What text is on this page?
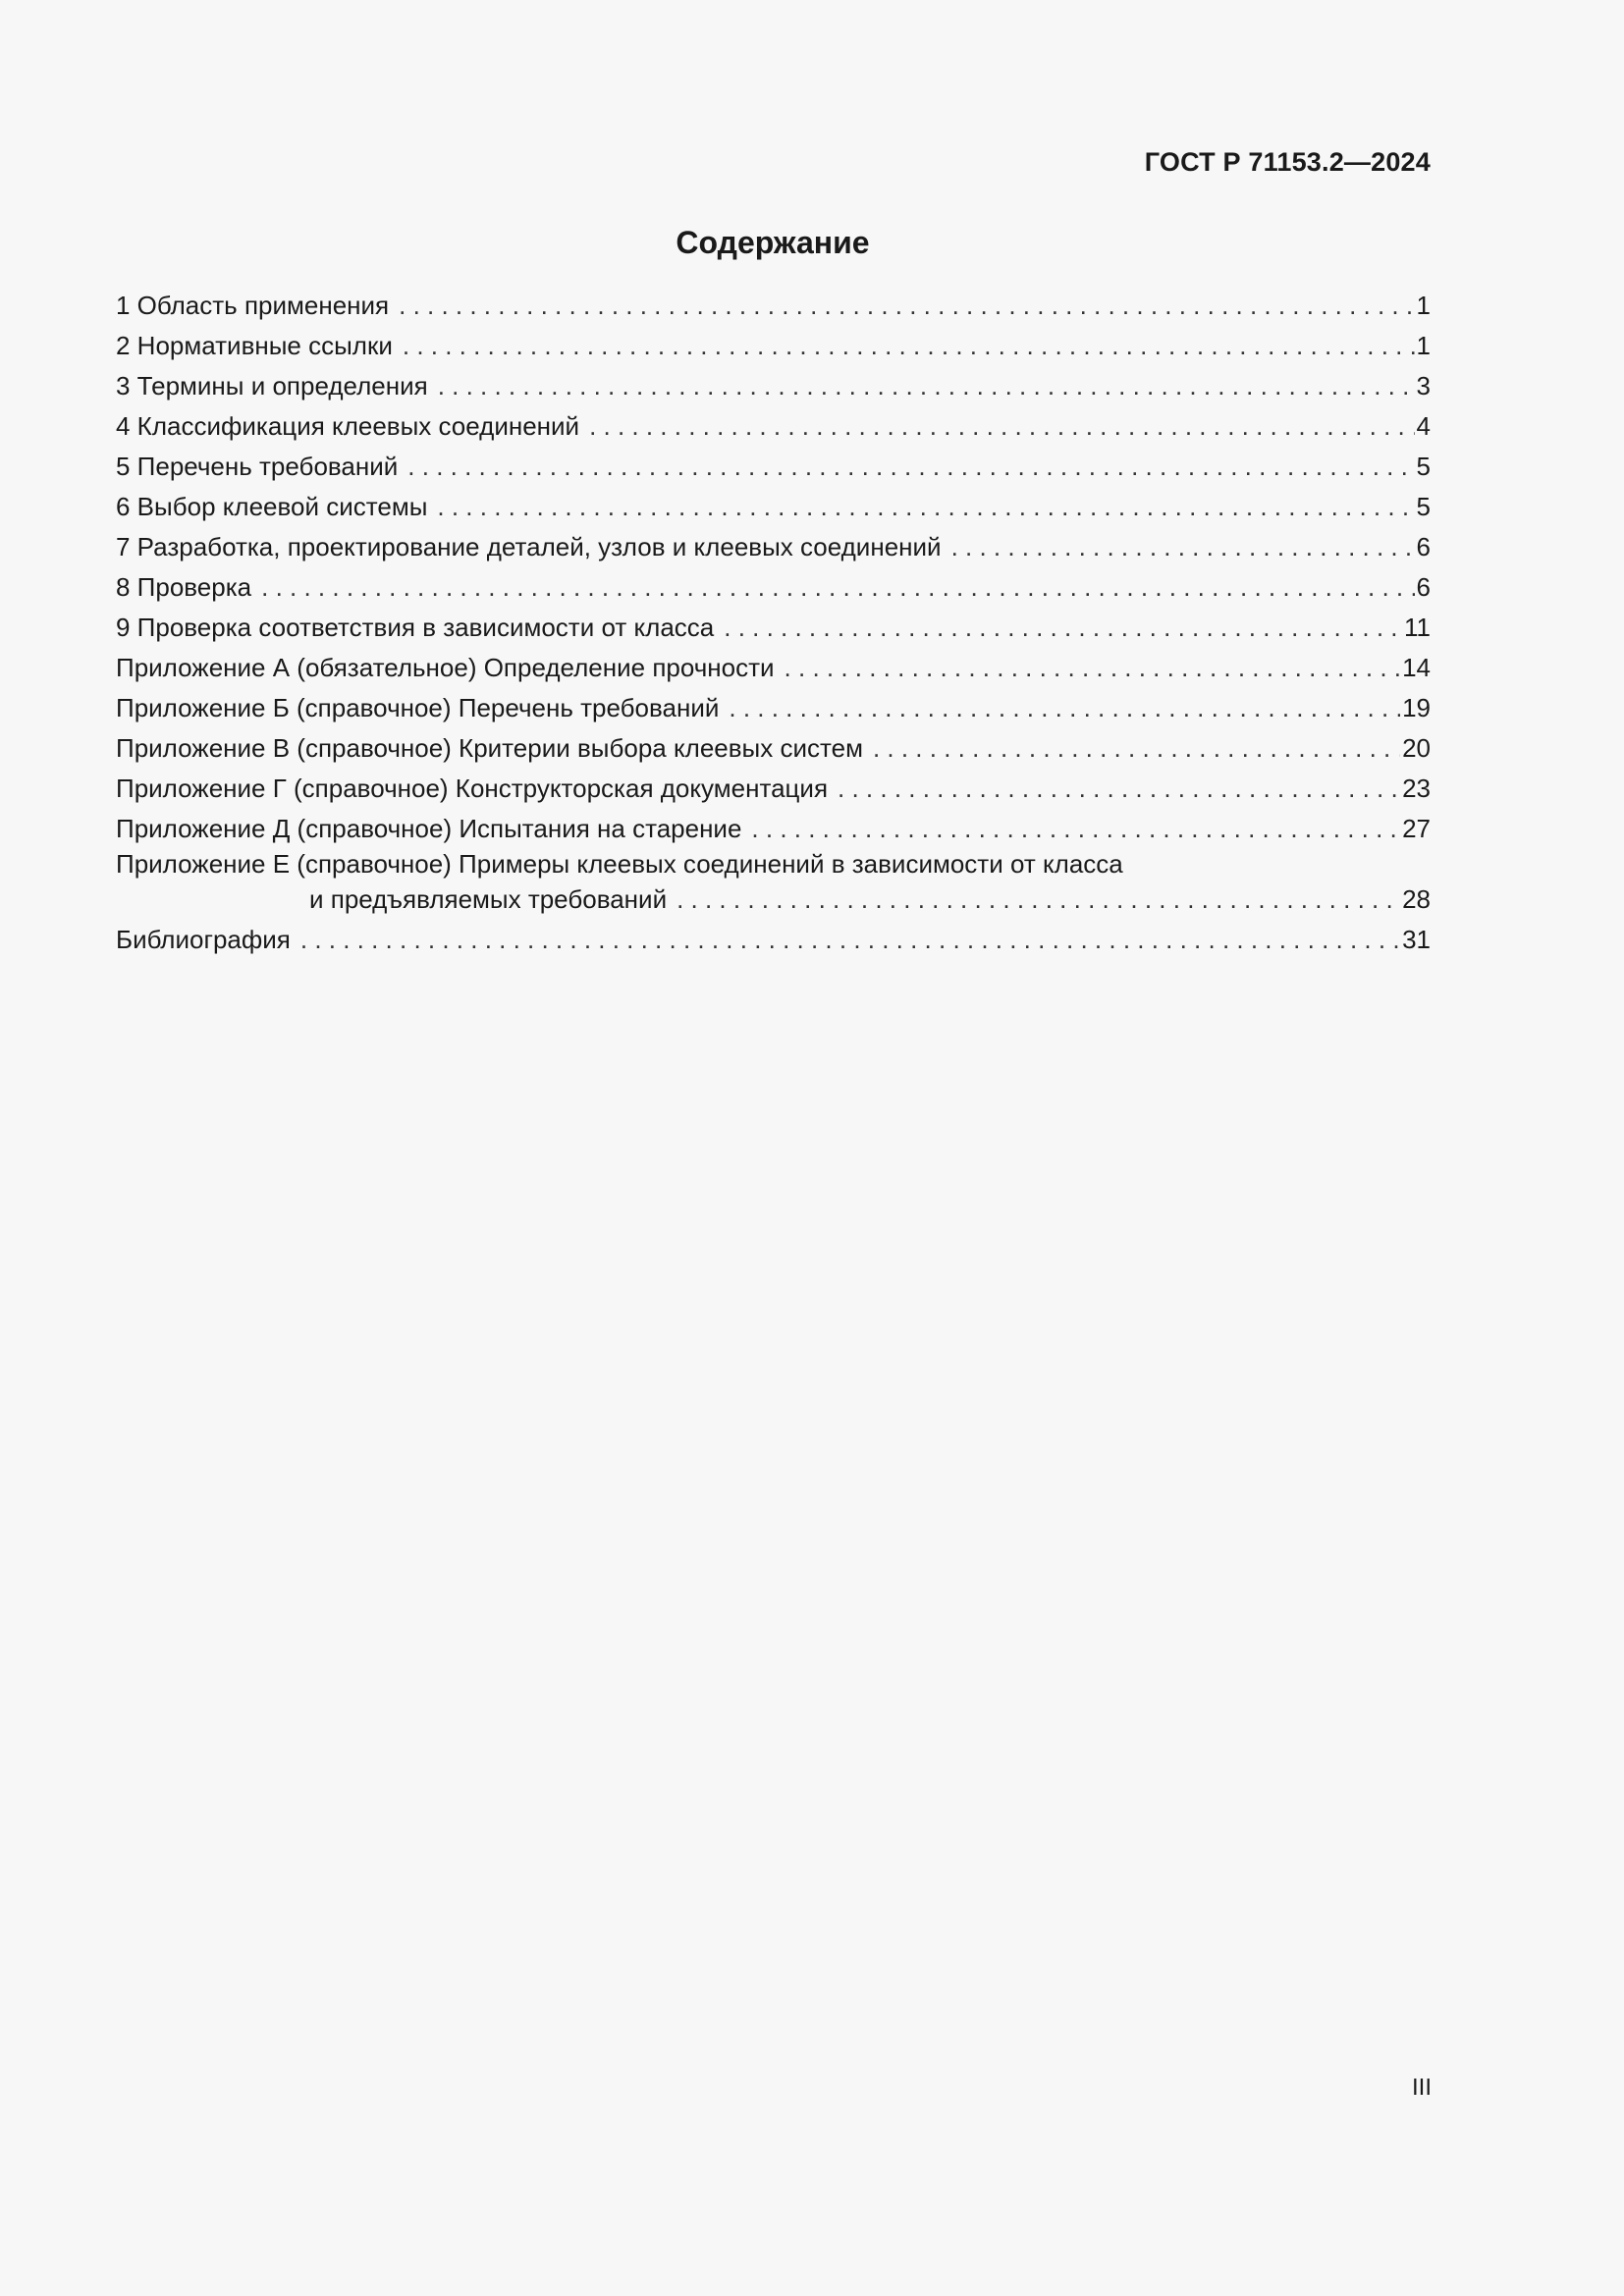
ГОСТ Р 71153.2—2024
Содержание
1 Область применения . . .	1
2 Нормативные ссылки . . .	1
3 Термины и определения . . .	3
4 Классификация клеевых соединений . . .	4
5 Перечень требований . . .	5
6 Выбор клеевой системы . . .	5
7 Разработка, проектирование деталей, узлов и клеевых соединений . . .	6
8 Проверка . . .	6
9 Проверка соответствия в зависимости от класса . . .	11
Приложение А (обязательное) Определение прочности . . .	14
Приложение Б (справочное) Перечень требований . . .	19
Приложение В (справочное) Критерии выбора клеевых систем . . .	20
Приложение Г (справочное) Конструкторская документация . . .	23
Приложение Д (справочное) Испытания на старение . . .	27
Приложение Е (справочное) Примеры клеевых соединений в зависимости от класса
и предъявляемых требований . . .	28
Библиография . . .	31
III
